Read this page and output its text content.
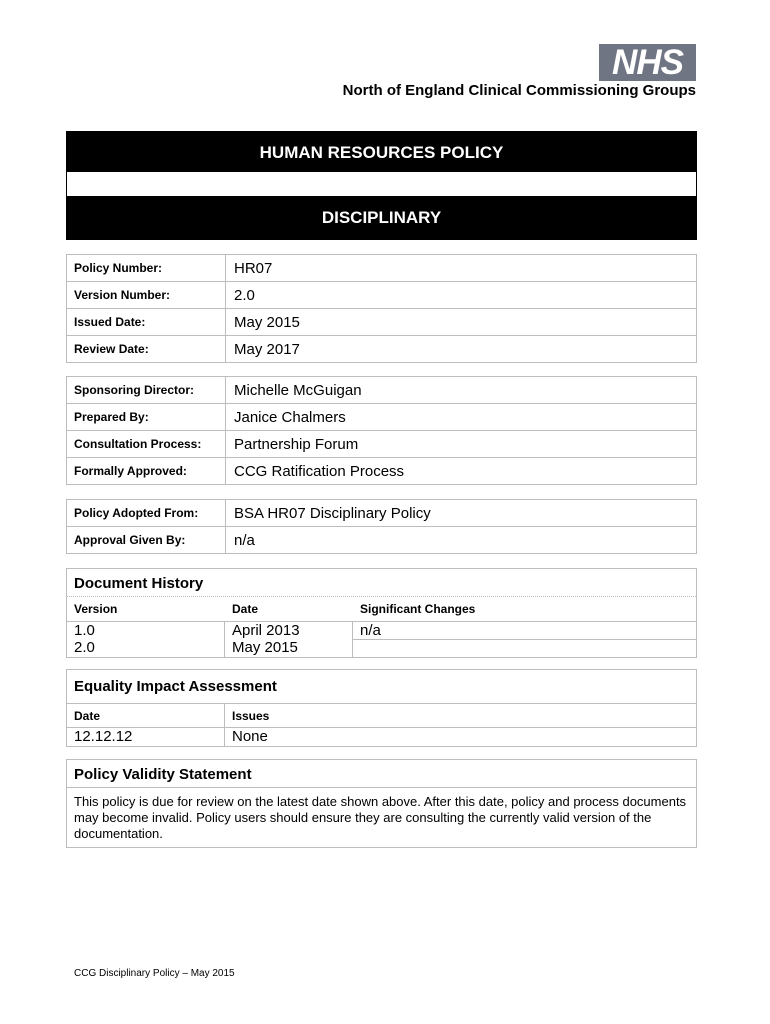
NHS
North of England Clinical Commissioning Groups
HUMAN RESOURCES POLICY
DISCIPLINARY
Policy Number:	HR07
Version Number:	2.0
Issued Date:	May 2015
Review Date:	May 2017
Sponsoring Director:	Michelle McGuigan
Prepared By:	Janice Chalmers
Consultation Process:	Partnership Forum
Formally Approved:	CCG Ratification Process
Policy Adopted From:	BSA HR07 Disciplinary Policy
Approval Given By:	n/a
Document History
Version	Date	Significant Changes
1.0	April 2013	n/a
2.0	May 2015
Equality Impact Assessment
Date	Issues
12.12.12	None
Policy Validity Statement
This policy is due for review on the latest date shown above. After this date, policy and process documents may become invalid. Policy users should ensure they are consulting the currently valid version of the documentation.
CCG Disciplinary Policy – May 2015
